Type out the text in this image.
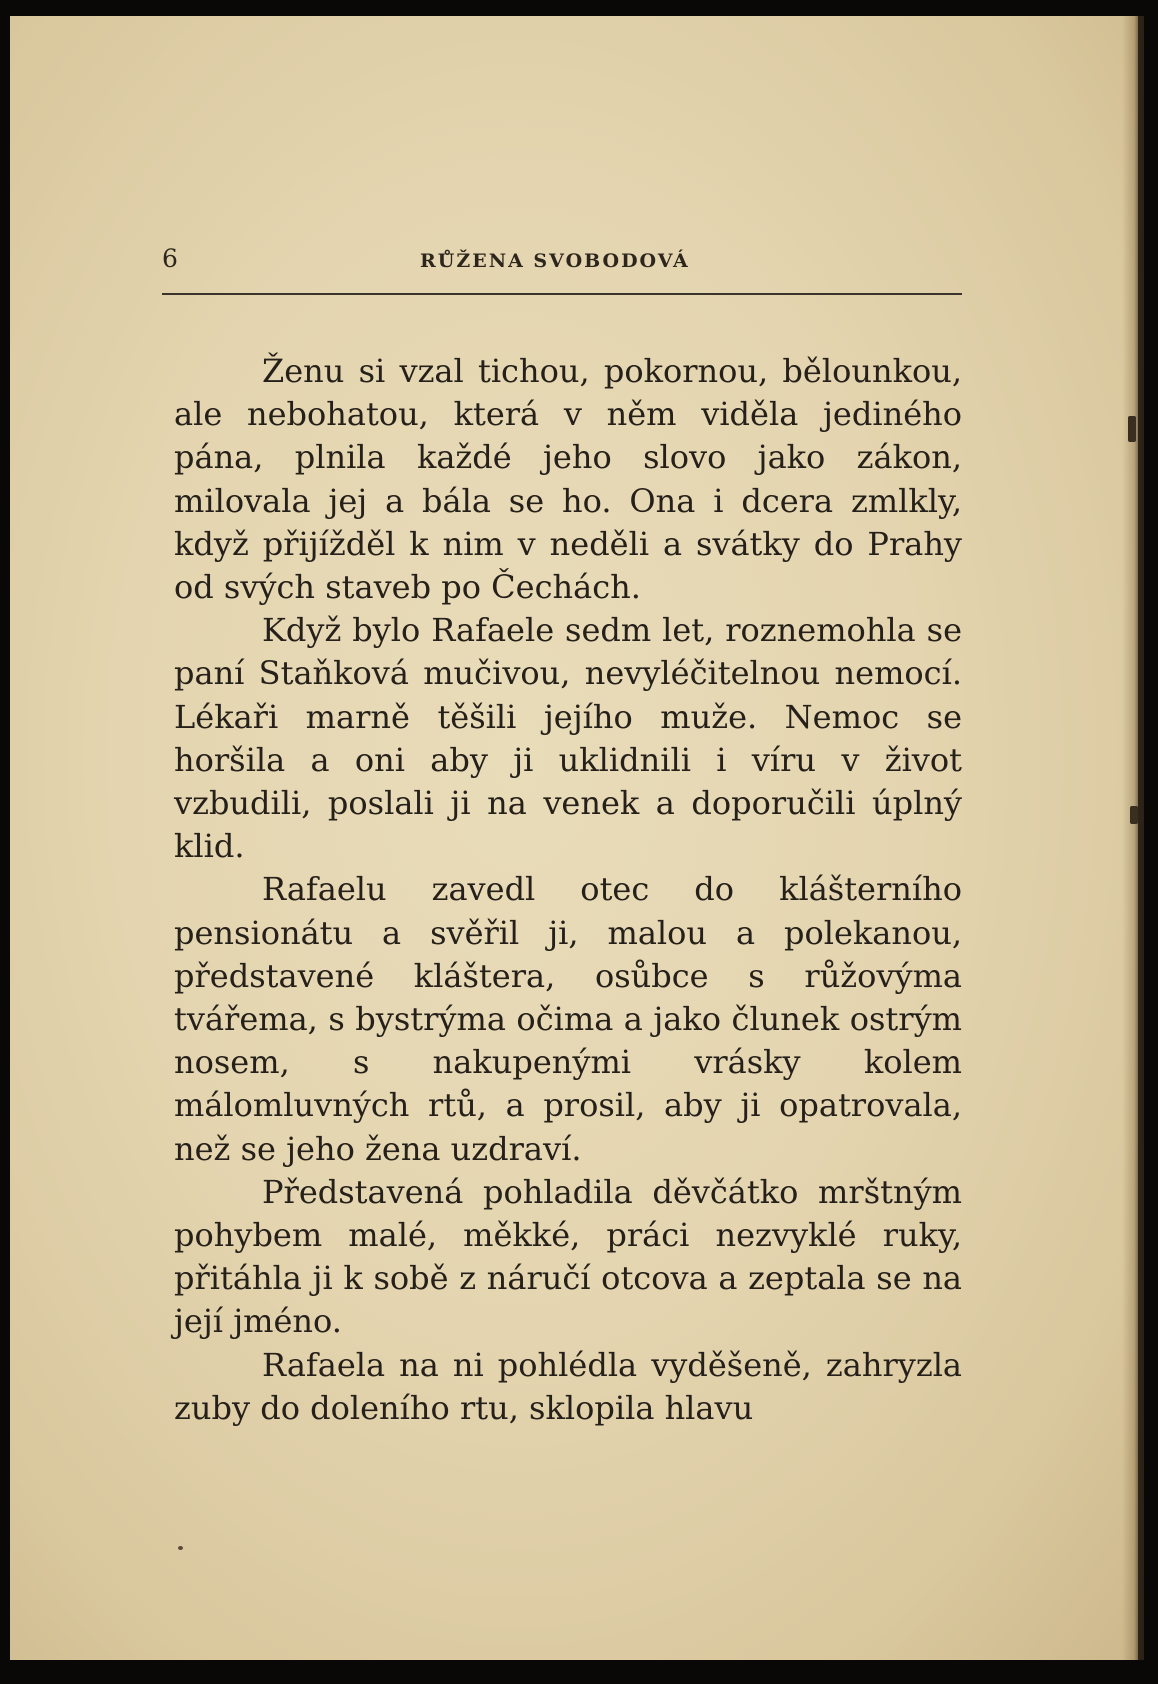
6	RŮŽENA SVOBODOVÁ

Ženu si vzal tichou, pokornou, bělounkou, ale nebohatou, která v něm viděla jediného pána, plnila každé jeho slovo jako zákon, milovala jej a bála se ho. Ona i dcera zmlkly, když přijížděl k nim v neděli a svátky do Prahy od svých staveb po Čechách.

Když bylo Rafaele sedm let, roznemohla se paní Staňková mučivou, nevyléčitelnou nemocí. Lékaři marně těšili jejího muže. Nemoc se horšila a oni aby ji uklidnili i víru v život vzbudili, poslali ji na venek a doporučili úplný klid.

Rafaelu zavedl otec do klášterního pensionátu a svěřil ji, malou a polekanou, představené kláštera, osůbce s růžovýma tvářema, s bystrýma očima a jako člunek ostrým nosem, s nakupenými vrásky kolem málomluvných rtů, a prosil, aby ji opatrovala, než se jeho žena uzdraví.

Představená pohladila děvčátko mrštným pohybem malé, měkké, práci nezvyklé ruky, přitáhla ji k sobě z náručí otcova a zeptala se na její jméno.

Rafaela na ni pohlédla vyděšeně, zahryzla zuby do doleního rtu, sklopila hlavu
